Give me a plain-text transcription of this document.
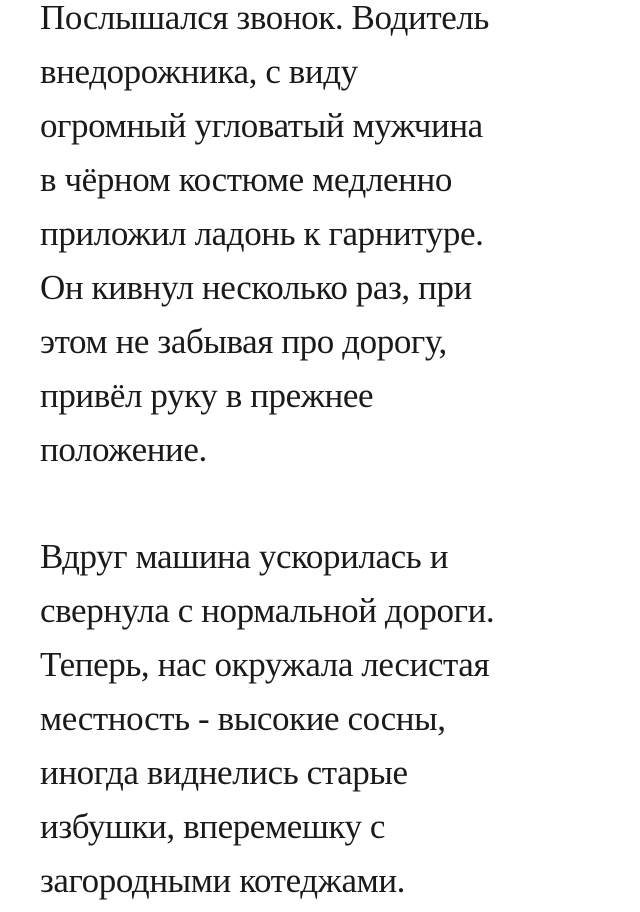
Послышался звонок. Водитель
внедорожника, с виду
огромный угловатый мужчина
в чёрном костюме медленно
приложил ладонь к гарнитуре.
Он кивнул несколько раз, при
этом не забывая про дорогу,
привёл руку в прежнее
положение.

Вдруг машина ускорилась и
свернула с нормальной дороги.
Теперь, нас окружала лесистая
местность - высокие сосны,
иногда виднелись старые
избушки, вперемешку с
загородными котеджами.
